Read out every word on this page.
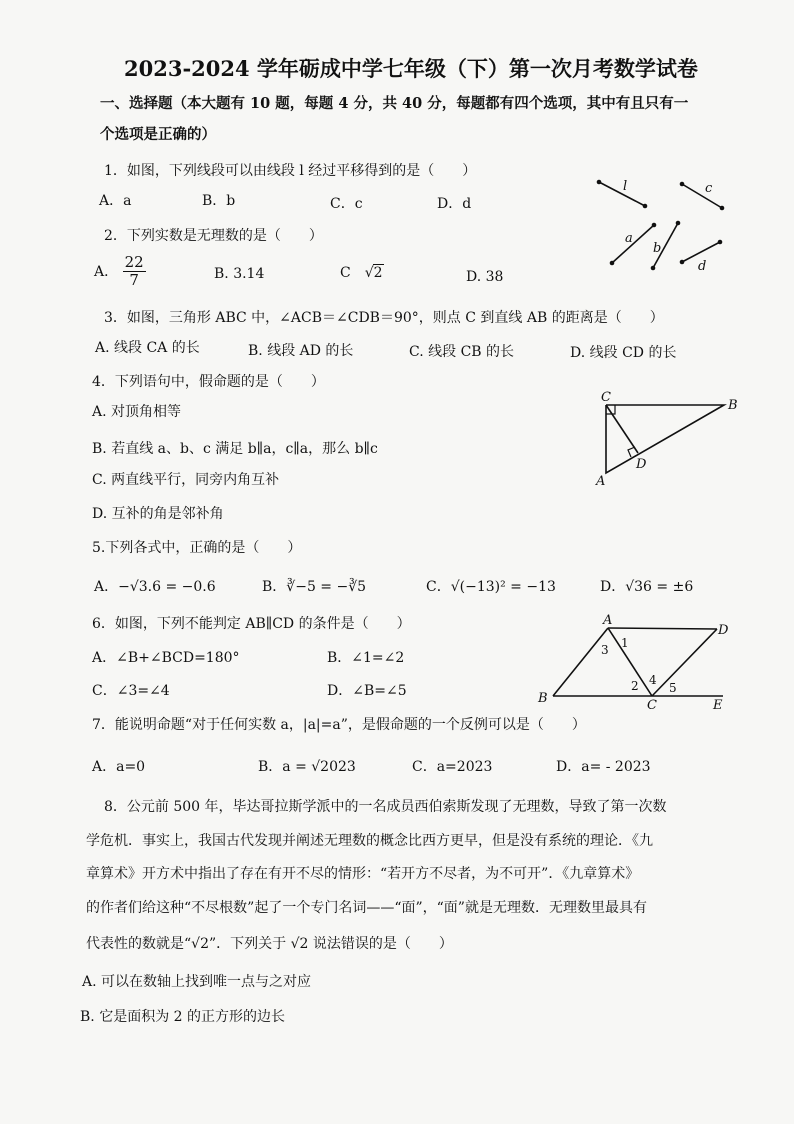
2023-2024 学年砺成中学七年级（下）第一次月考数学试卷
一、选择题（本大题有 10 题，每题 4 分，共 40 分，每题都有四个选项，其中有且只有一
个选项是正确的）
1．如图，下列线段可以由线段 l 经过平移得到的是（　　）
A．a	B．b	C．c	D．d
2．下列实数是无理数的是（　　）
A． $\frac{22}{7}$	B. 3.14	C　√2	D. 38
l	c
a
b
d
3．如图，三角形 ABC 中，∠ACB＝∠CDB＝90°，则点 C 到直线 AB 的距离是（　　）
A. 线段 CA 的长	B. 线段 AD 的长	C. 线段 CB 的长	D. 线段 CD 的长
C
B
D
A
4．下列语句中，假命题的是（　　）
A. 对顶角相等
B. 若直线 a、b、c 满足 b∥a，c∥a，那么 b∥c
C. 两直线平行，同旁内角互补
D. 互补的角是邻补角
5.下列各式中，正确的是（　　）
A．−√3.6 = −0.6	B．∛−5 = −∛5	C．√(−13)² = −13	D．√36 = ±6
6．如图，下列不能判定 AB∥CD 的条件是（　　）
A．∠B+∠BCD=180°	B．∠1=∠2
C．∠3=∠4	D．∠B=∠5
A
D
1
3
2 4
5
B	C	E
7．能说明命题“对于任何实数 a，|a|=a”，是假命题的一个反例可以是（　　）
A．a=0	B．a = √2023	C．a=2023	D．a= - 2023
8．公元前 500 年，毕达哥拉斯学派中的一名成员西伯索斯发现了无理数，导致了第一次数
学危机．事实上，我国古代发现并阐述无理数的概念比西方更早，但是没有系统的理论．《九
章算术》开方术中指出了存在有开不尽的情形：“若开方不尽者，为不可开”．《九章算术》
的作者们给这种“不尽根数”起了一个专门名词——“面”，“面”就是无理数．无理数里最具有
代表性的数就是“√2”．下列关于 √2 说法错误的是（　　）
A. 可以在数轴上找到唯一点与之对应
B. 它是面积为 2 的正方形的边长
